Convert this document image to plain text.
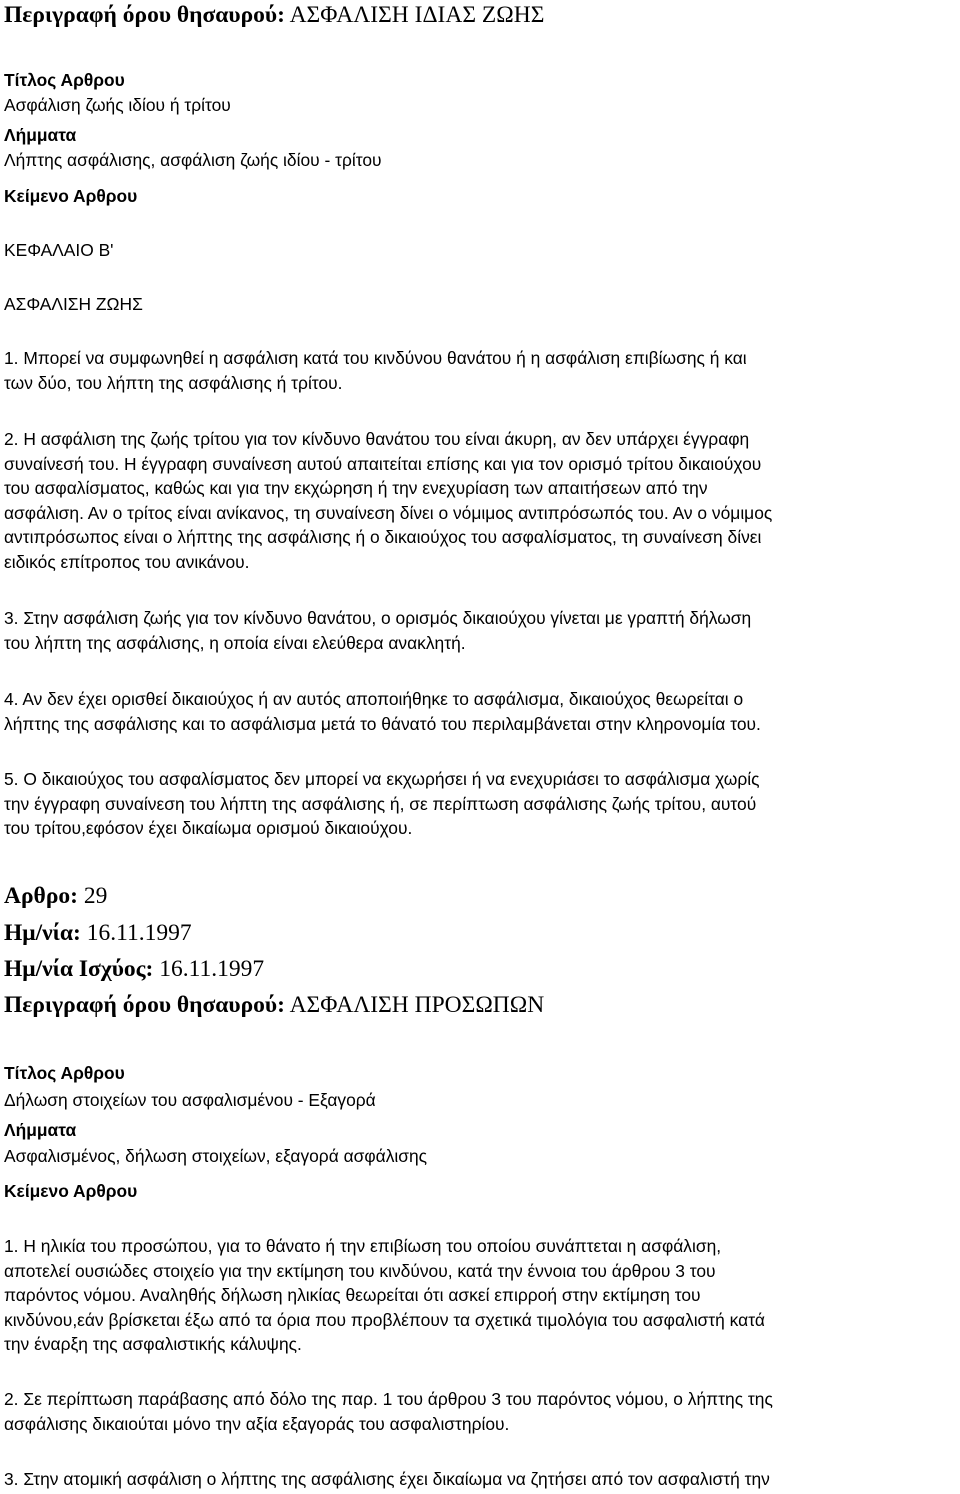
Περιγραφή όρου θησαυρού: ΑΣΦΑΛΙΣΗ ΙΔΙΑΣ ΖΩΗΣ
Τίτλος Αρθρου
Ασφάλιση ζωής ιδίου ή τρίτου
Λήμματα
Λήπτης ασφάλισης, ασφάλιση ζωής ιδίου - τρίτου
Κείμενο Αρθρου
ΚΕΦΑΛΑΙΟ Β'
ΑΣΦΑΛΙΣΗ ΖΩΗΣ
1. Μπορεί να συμφωνηθεί η ασφάλιση κατά του κινδύνου θανάτου ή η ασφάλιση επιβίωσης ή και
των δύο, του λήπτη της ασφάλισης ή τρίτου.
2. Η ασφάλιση της ζωής τρίτου για τον κίνδυνο θανάτου του είναι άκυρη, αν δεν υπάρχει έγγραφη
συναίνεσή του. Η έγγραφη συναίνεση αυτού απαιτείται επίσης και για τον ορισμό τρίτου δικαιούχου
του ασφαλίσματος, καθώς και για την εκχώρηση ή την ενεχυρίαση των απαιτήσεων από την
ασφάλιση. Αν ο τρίτος είναι ανίκανος, τη συναίνεση δίνει ο νόμιμος αντιπρόσωπός του. Αν ο νόμιμος
αντιπρόσωπος είναι ο λήπτης της ασφάλισης ή ο δικαιούχος του ασφαλίσματος, τη συναίνεση δίνει
ειδικός επίτροπος του ανικάνου.
3. Στην ασφάλιση ζωής για τον κίνδυνο θανάτου, ο ορισμός δικαιούχου γίνεται με γραπτή δήλωση
του λήπτη της ασφάλισης, η οποία είναι ελεύθερα ανακλητή.
4. Αν δεν έχει ορισθεί δικαιούχος ή αν αυτός αποποιήθηκε το ασφάλισμα, δικαιούχος θεωρείται ο
λήπτης της ασφάλισης και το ασφάλισμα μετά το θάνατό του περιλαμβάνεται στην κληρονομία του.
5. Ο δικαιούχος του ασφαλίσματος δεν μπορεί να εκχωρήσει ή να ενεχυριάσει το ασφάλισμα χωρίς
την έγγραφη συναίνεση του λήπτη της ασφάλισης ή, σε περίπτωση ασφάλισης ζωής τρίτου, αυτού
του τρίτου,εφόσον έχει δικαίωμα ορισμού δικαιούχου.
Αρθρο: 29
Ημ/νία: 16.11.1997
Ημ/νία Ισχύος: 16.11.1997
Περιγραφή όρου θησαυρού: ΑΣΦΑΛΙΣΗ ΠΡΟΣΩΠΩΝ
Τίτλος Αρθρου
Δήλωση στοιχείων του ασφαλισμένου - Εξαγορά
Λήμματα
Ασφαλισμένος, δήλωση στοιχείων, εξαγορά ασφάλισης
Κείμενο Αρθρου
1. Η ηλικία του προσώπου, για το θάνατο ή την επιβίωση του οποίου συνάπτεται η ασφάλιση,
αποτελεί ουσιώδες στοιχείο για την εκτίμηση του κινδύνου, κατά την έννοια του άρθρου 3 του
παρόντος νόμου. Αναληθής δήλωση ηλικίας θεωρείται ότι ασκεί επιρροή στην εκτίμηση του
κινδύνου,εάν βρίσκεται έξω από τα όρια που προβλέπουν τα σχετικά τιμολόγια του ασφαλιστή κατά
την έναρξη της ασφαλιστικής κάλυψης.
2. Σε περίπτωση παράβασης από δόλο της παρ. 1 του άρθρου 3 του παρόντος νόμου, ο λήπτης της
ασφάλισης δικαιούται μόνο την αξία εξαγοράς του ασφαλιστηρίου.
3. Στην ατομική ασφάλιση ο λήπτης της ασφάλισης έχει δικαίωμα να ζητήσει από τον ασφαλιστή την
